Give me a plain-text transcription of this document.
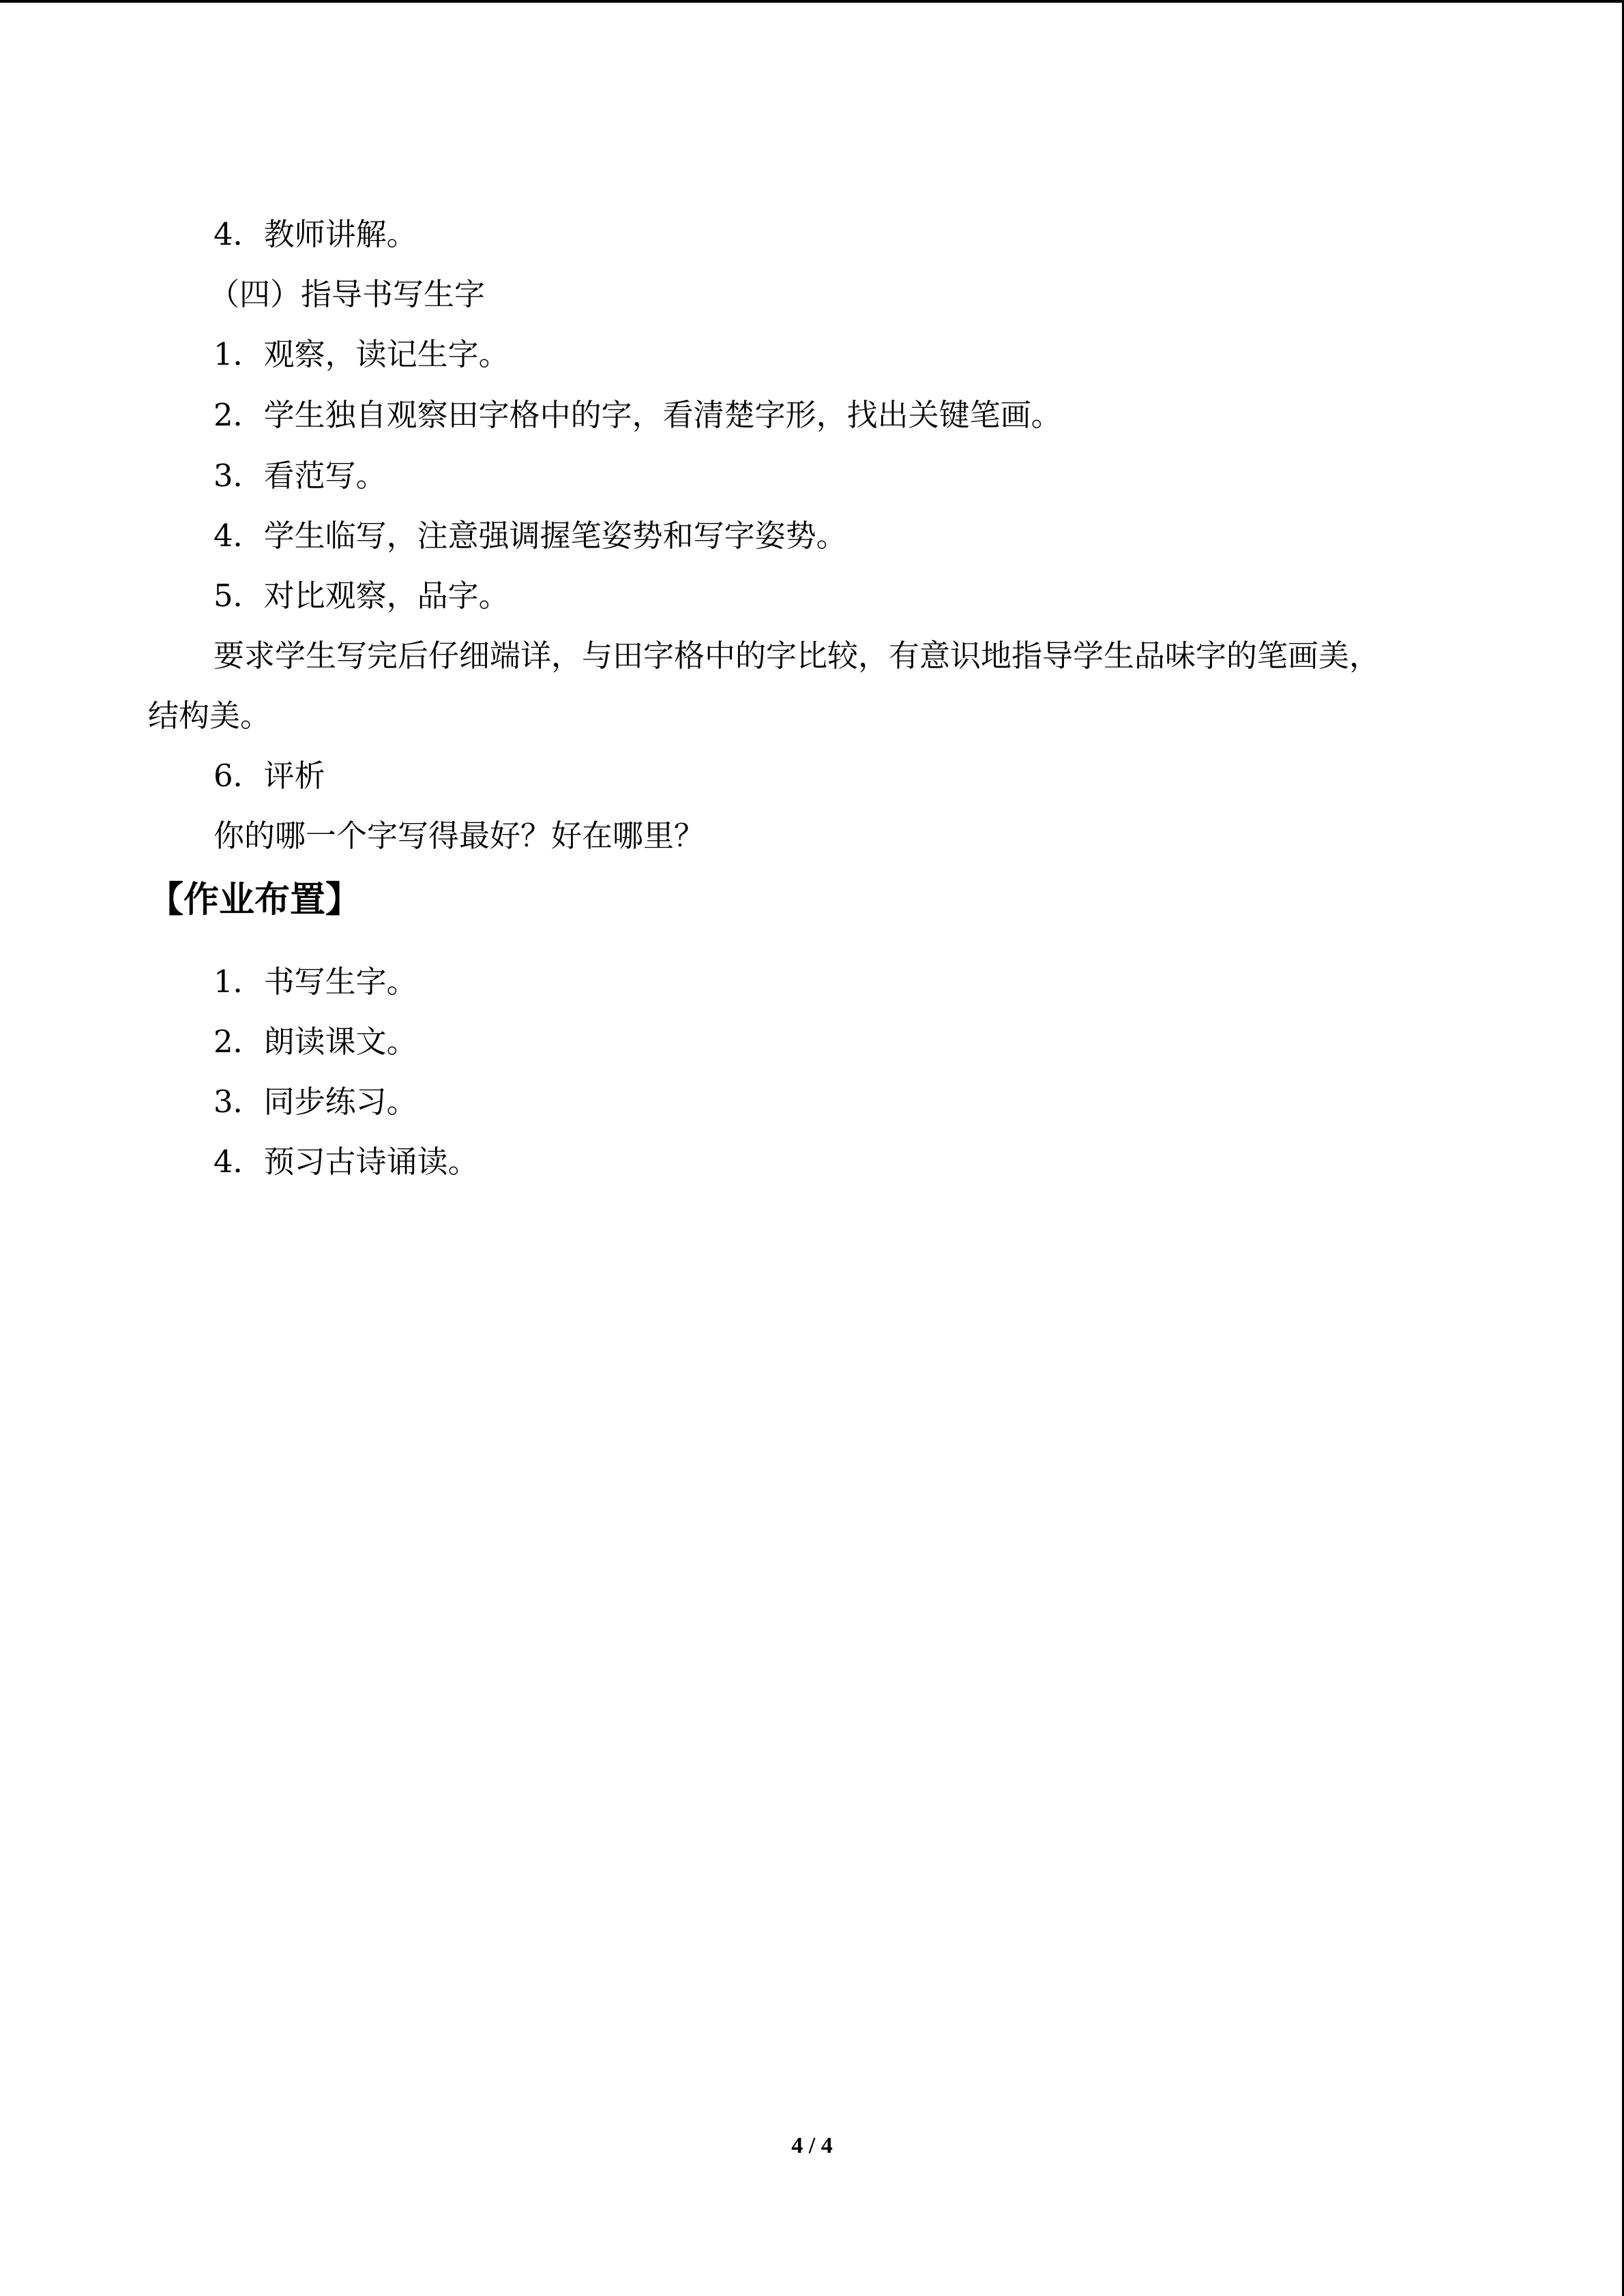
4．教师讲解。
（四）指导书写生字
1．观察，读记生字。
2．学生独自观察田字格中的字，看清楚字形，找出关键笔画。
3．看范写。
4．学生临写，注意强调握笔姿势和写字姿势。
5．对比观察，品字。
要求学生写完后仔细端详，与田字格中的字比较，有意识地指导学生品味字的笔画美，
结构美。
6．评析
你的哪一个字写得最好？好在哪里？
【作业布置】
1．书写生字。
2．朗读课文。
3．同步练习。
4．预习古诗诵读。
4 / 4
